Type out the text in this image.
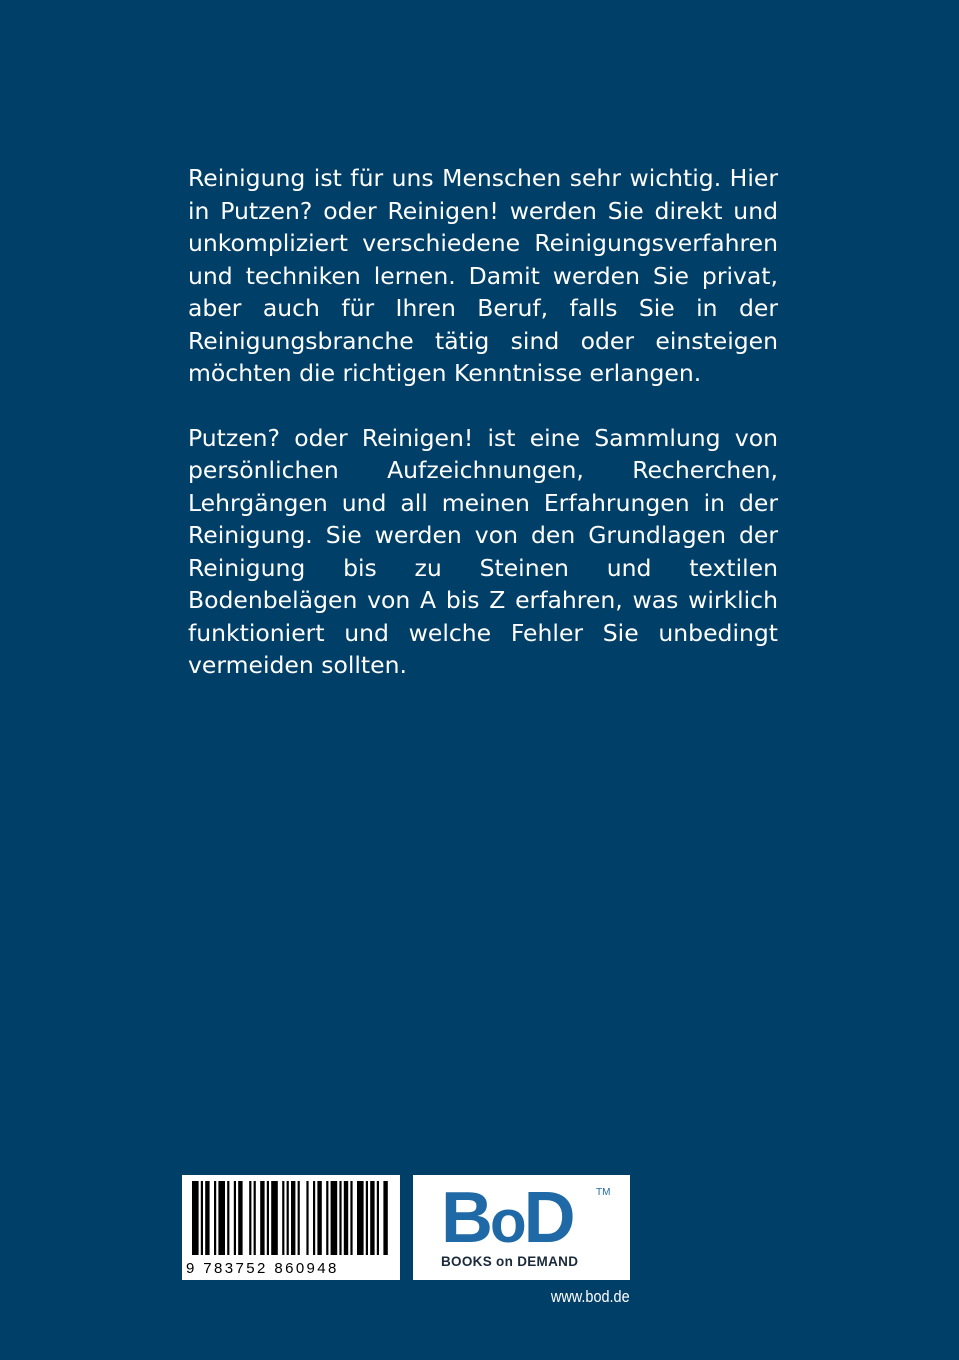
Reinigung ist für uns Menschen sehr wichtig. Hier in Putzen? oder Reinigen! werden Sie direkt und unkompliziert verschiedene Reinigungsverfahren und techniken lernen. Damit werden Sie privat, aber auch für Ihren Beruf, falls Sie in der Reinigungsbranche tätig sind oder einsteigen möchten die richtigen Kenntnisse erlangen.

Putzen? oder Reinigen! ist eine Sammlung von persönlichen Aufzeichnungen, Recherchen, Lehrgängen und all meinen Erfahrungen in der Reinigung. Sie werden von den Grundlagen der Reinigung bis zu Steinen und textilen Bodenbelägen von A bis Z erfahren, was wirklich funktioniert und welche Fehler Sie unbedingt vermeiden sollten.

9 783752 860948
BoD TM
BOOKS on DEMAND
www.bod.de
